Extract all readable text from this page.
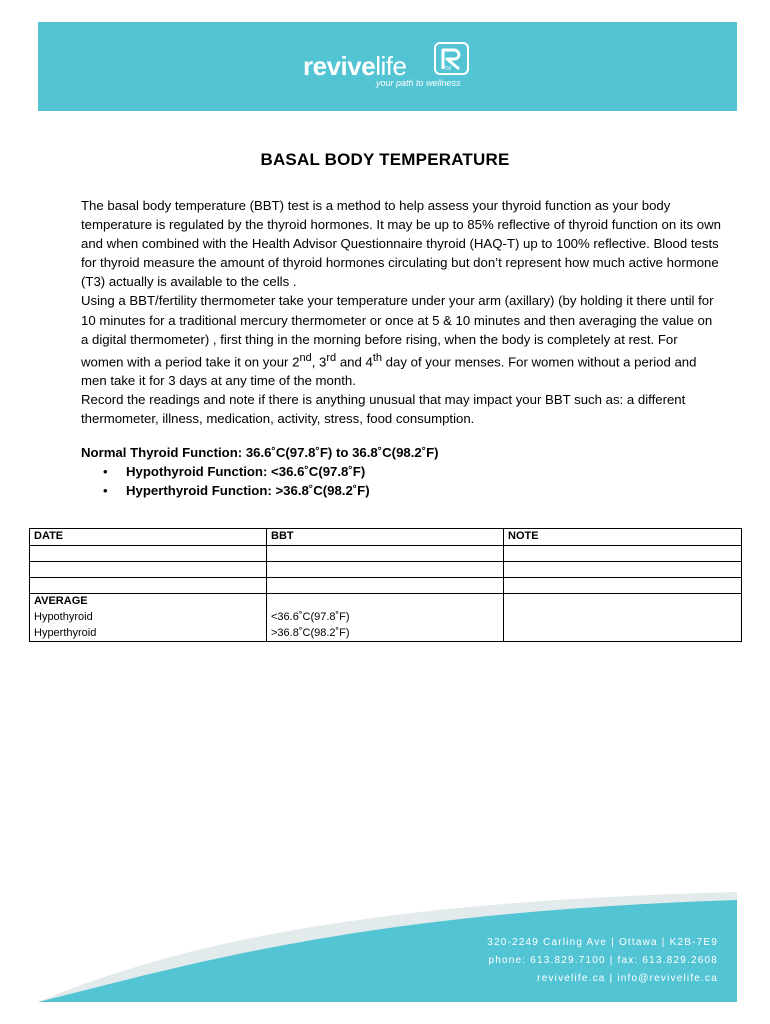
revivelife	TM
your path to wellness
BASAL BODY TEMPERATURE

The basal body temperature (BBT) test is a method to help assess your thyroid function as your body temperature is regulated by the thyroid hormones. It may be up to 85% reflective of thyroid function on its own and when combined with the Health Advisor Questionnaire thyroid (HAQ-T) up to 100% reflective. Blood tests for thyroid measure the amount of thyroid hormones circulating but don’t represent how much active hormone (T3) actually is available to the cells .

Using a BBT/fertility thermometer take your temperature under your arm (axillary) (by holding it there until for 10 minutes for a traditional mercury thermometer or once at 5 & 10 minutes and then averaging the value on a digital thermometer) , first thing in the morning before rising, when the body is completely at rest. For women with a period take it on your 2nd, 3rd and 4th day of your menses. For women without a period and men take it for 3 days at any time of the month.

Record the readings and note if there is anything unusual that may impact your BBT such as: a different thermometer, illness, medication, activity, stress, food consumption.

Normal Thyroid Function: 36.6˚C(97.8˚F) to 36.8˚C(98.2˚F)
• Hypothyroid Function: <36.6˚C(97.8˚F)
• Hyperthyroid Function: >36.8˚C(98.2˚F)
DATE	BBT	NOTE

AVERAGE		
Hypothyroid	<36.6˚C(97.8˚F)	
Hyperthyroid	>36.8˚C(98.2˚F)	
320-2249 Carling Ave | Ottawa | K2B-7E9
phone: 613.829.7100 | fax: 613.829.2608
revivelife.ca | info@revivelife.ca
